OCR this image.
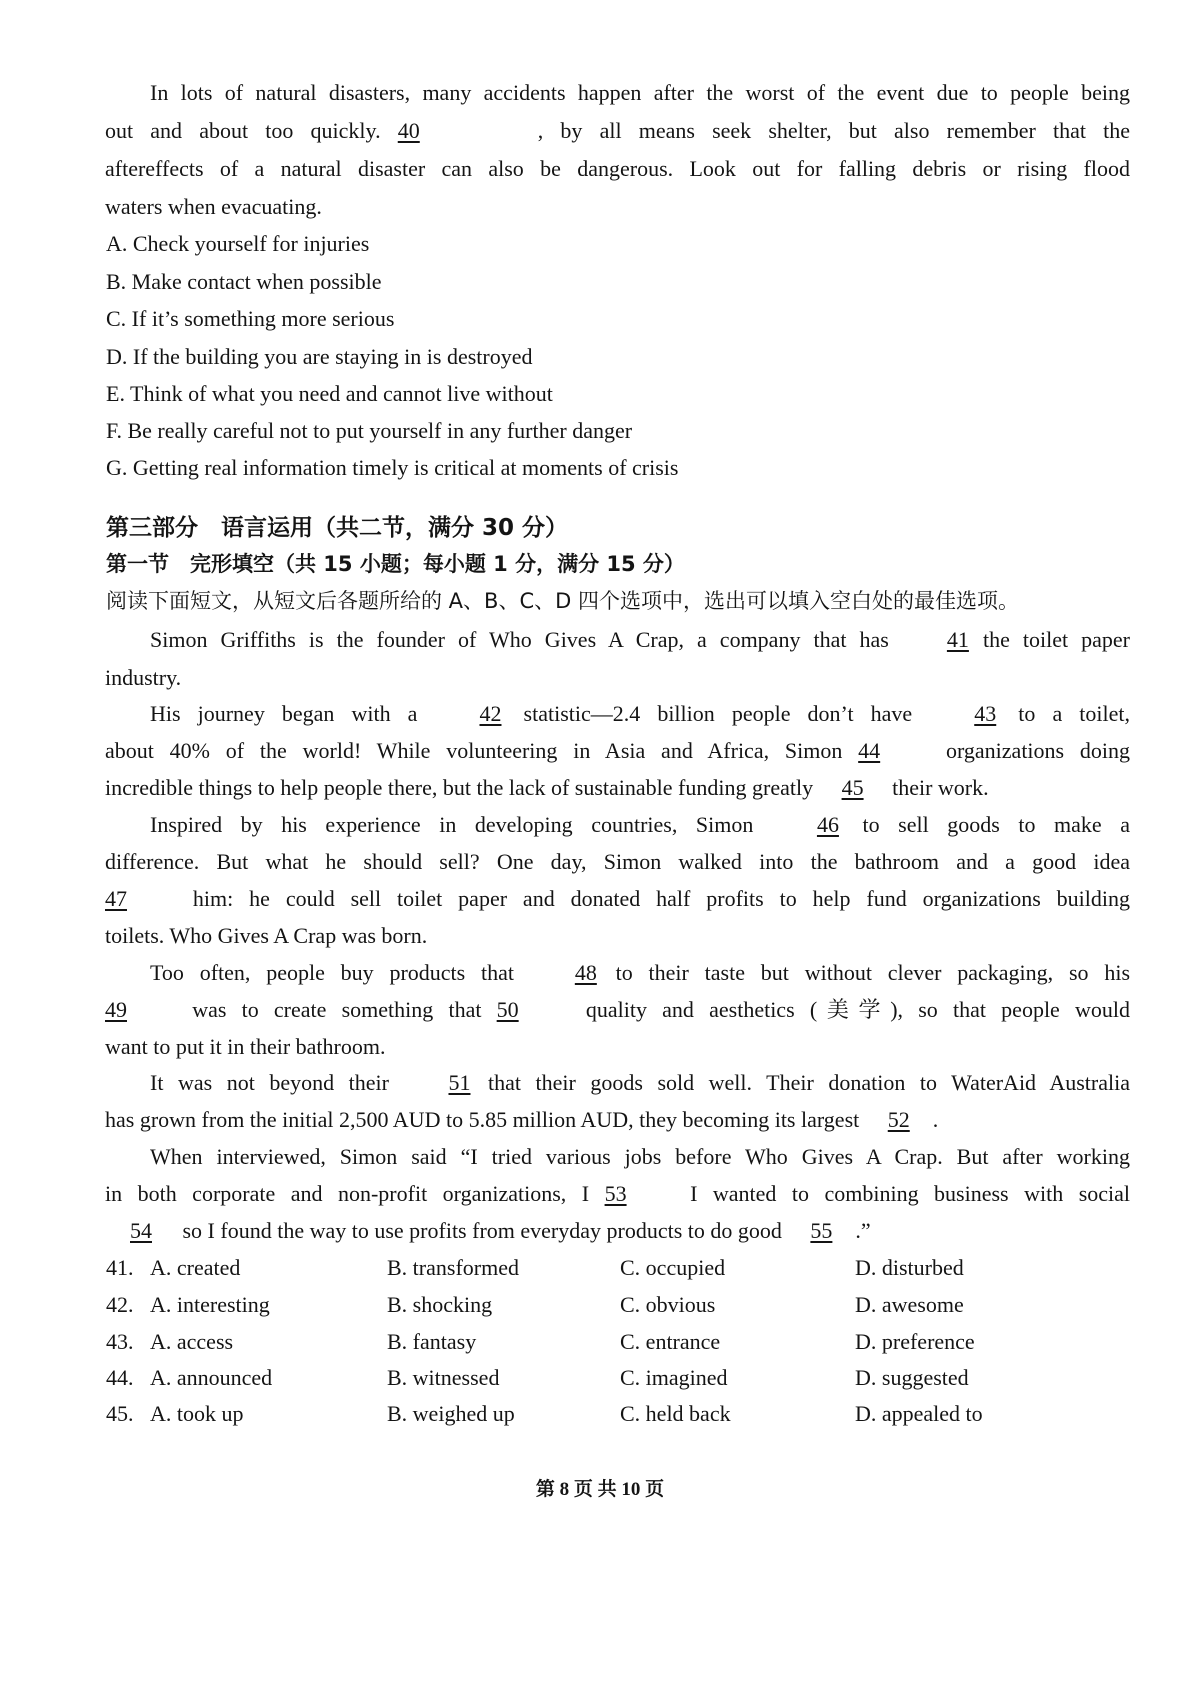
In lots of natural disasters, many accidents happen after the worst of the event due to people being
out and about too quickly. 40	, by all means seek shelter, but also remember that the
aftereffects of a natural disaster can also be dangerous. Look out for falling debris or rising flood
waters when evacuating.
A. Check yourself for injuries
B. Make contact when possible
C. If it’s something more serious
D. If the building you are staying in is destroyed
E. Think of what you need and cannot live without
F. Be really careful not to put yourself in any further danger
G. Getting real information timely is critical at moments of crisis
第三部分　语言运用（共二节，满分 30 分）
第一节　完形填空（共 15 小题；每小题 1 分，满分 15 分）
阅读下面短文，从短文后各题所给的 A、B、C、D 四个选项中，选出可以填入空白处的最佳选项。
Simon Griffiths is the founder of Who Gives A Crap, a company that has	41 the toilet paper
industry.
His journey began with a	42 statistic—2.4 billion people don’t have	43 to a toilet,
about 40% of the world! While volunteering in Asia and Africa, Simon 44	organizations doing
incredible things to help people there, but the lack of sustainable funding greatly 45 their work.
Inspired by his experience in developing countries, Simon	46 to sell goods to make a
difference. But what he should sell? One day, Simon walked into the bathroom and a good idea
47	him: he could sell toilet paper and donated half profits to help fund organizations building
toilets. Who Gives A Crap was born.
Too often, people buy products that	48 to their taste but without clever packaging, so his
49	was to create something that 50	quality and aesthetics (美学), so that people would
want to put it in their bathroom.
It was not beyond their	51 that their goods sold well. Their donation to WaterAid Australia
has grown from the initial 2,500 AUD to 5.85 million AUD, they becoming its largest 52 .
When interviewed, Simon said “I tried various jobs before Who Gives A Crap. But after working
in both corporate and non-profit organizations, I 53	I wanted to combining business with social
54 so I found the way to use profits from everyday products to do good 55 .”
41. A. created	B. transformed	C. occupied	D. disturbed
42. A. interesting	B. shocking	C. obvious	D. awesome
43. A. access	B. fantasy	C. entrance	D. preference
44. A. announced	B. witnessed	C. imagined	D. suggested
45. A. took up	B. weighed up	C. held back	D. appealed to
第 8 页 共 10 页
